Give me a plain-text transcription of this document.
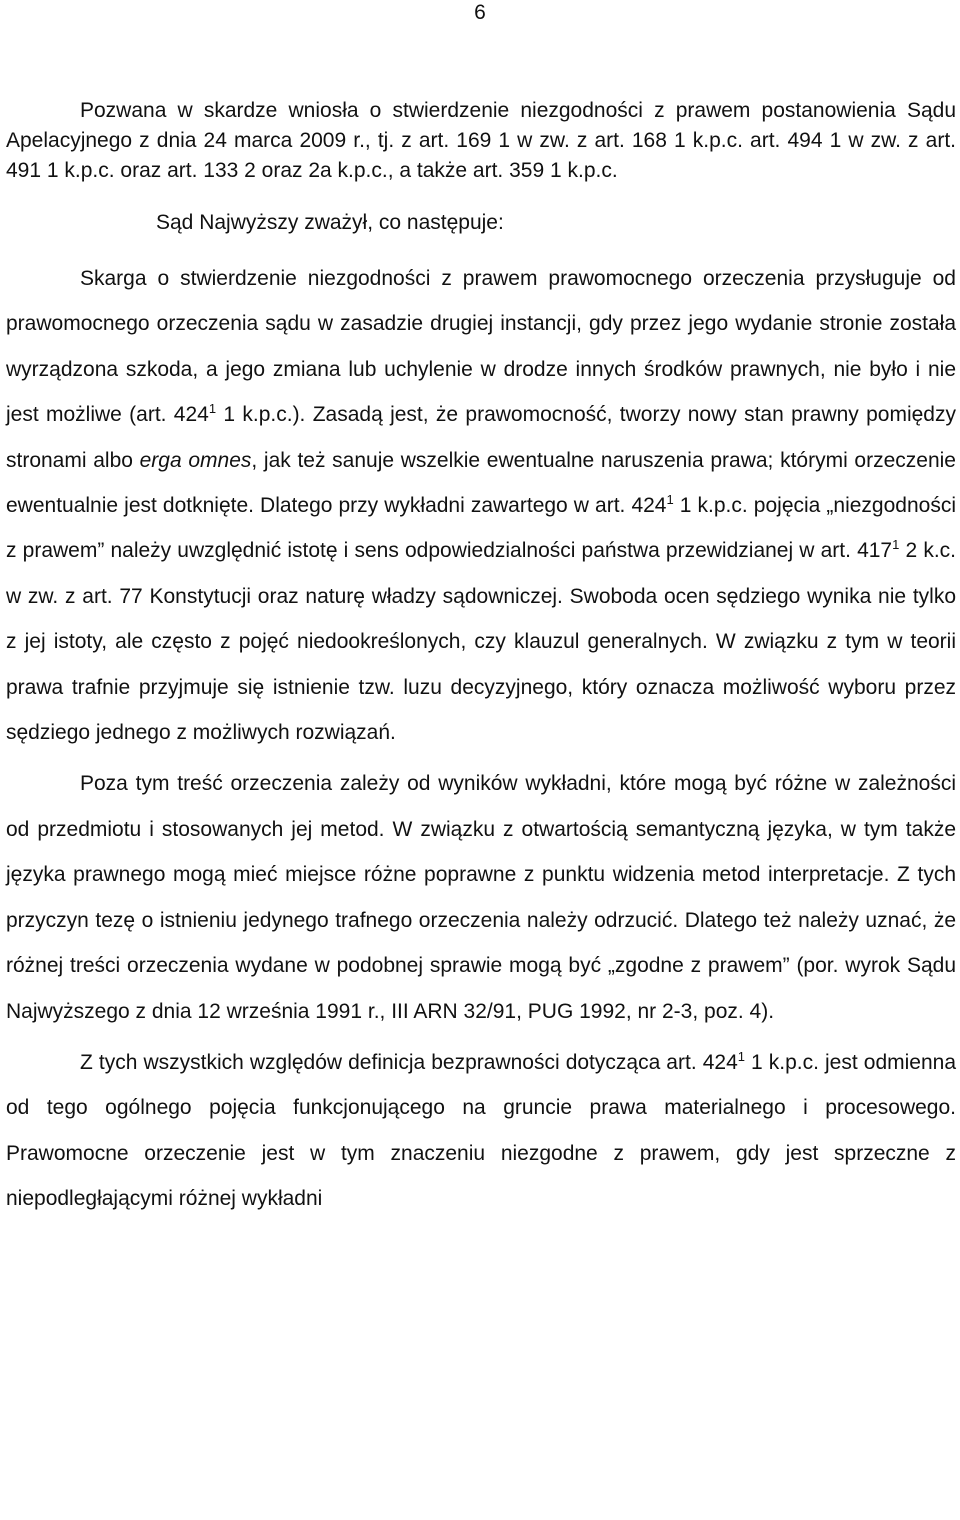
6

Pozwana w skardze wniosła o stwierdzenie niezgodności z prawem postanowienia Sądu Apelacyjnego z dnia 24 marca 2009 r., tj. z art. 169 1 w zw. z art. 168 1 k.p.c. art. 494 1 w zw. z art. 491 1 k.p.c. oraz art. 133 2 oraz 2a k.p.c., a także art. 359 1 k.p.c.

Sąd Najwyższy zważył, co następuje:

Skarga o stwierdzenie niezgodności z prawem prawomocnego orzeczenia przysługuje od prawomocnego orzeczenia sądu w zasadzie drugiej instancji, gdy przez jego wydanie stronie została wyrządzona szkoda, a jego zmiana lub uchylenie w drodze innych środków prawnych, nie było i nie jest możliwe (art. $424^1$ 1 k.p.c.). Zasadą jest, że prawomocność, tworzy nowy stan prawny pomiędzy stronami albo erga omnes, jak też sanuje wszelkie ewentualne naruszenia prawa; którymi orzeczenie ewentualnie jest dotknięte. Dlatego przy wykładni zawartego w art. $424^1$ 1 k.p.c. pojęcia „niezgodności z prawem” należy uwzględnić istotę i sens odpowiedzialności państwa przewidzianej w art. $417^1$ 2 k.c. w zw. z art. 77 Konstytucji oraz naturę władzy sądowniczej. Swoboda ocen sędziego wynika nie tylko z jej istoty, ale często z pojęć niedookreślonych, czy klauzul generalnych. W związku z tym w teorii prawa trafnie przyjmuje się istnienie tzw. luzu decyzyjnego, który oznacza możliwość wyboru przez sędziego jednego z możliwych rozwiązań.

Poza tym treść orzeczenia zależy od wyników wykładni, które mogą być różne w zależności od przedmiotu i stosowanych jej metod. W związku z otwartością semantyczną języka, w tym także języka prawnego mogą mieć miejsce różne poprawne z punktu widzenia metod interpretacje. Z tych przyczyn tezę o istnieniu jedynego trafnego orzeczenia należy odrzucić. Dlatego też należy uznać, że różnej treści orzeczenia wydane w podobnej sprawie mogą być „zgodne z prawem” (por. wyrok Sądu Najwyższego z dnia 12 września 1991 r., III ARN 32/91, PUG 1992, nr 2-3, poz. 4).

Z tych wszystkich względów definicja bezprawności dotycząca art. $424^1$ 1 k.p.c. jest odmienna od tego ogólnego pojęcia funkcjonującego na gruncie prawa materialnego i procesowego. Prawomocne orzeczenie jest w tym znaczeniu niezgodne z prawem, gdy jest sprzeczne z niepodległającymi różnej wykładni
